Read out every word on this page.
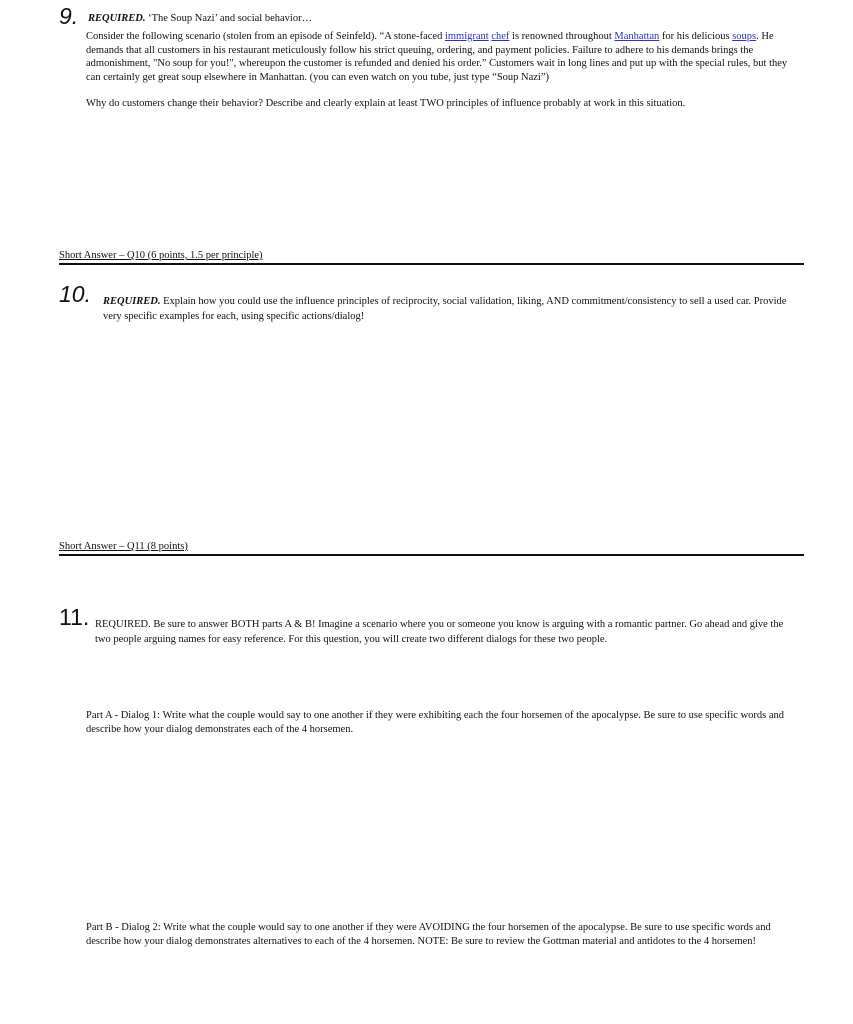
9. REQUIRED. ‘The Soup Nazi’ and social behavior…
Consider the following scenario (stolen from an episode of Seinfeld). “A stone-faced immigrant chef is renowned throughout Manhattan for his delicious soups. He demands that all customers in his restaurant meticulously follow his strict queuing, ordering, and payment policies. Failure to adhere to his demands brings the admonishment, "No soup for you!", whereupon the customer is refunded and denied his order.” Customers wait in long lines and put up with the special rules, but they can certainly get great soup elsewhere in Manhattan. (you can even watch on you tube, just type “Soup Nazi”)
Why do customers change their behavior? Describe and clearly explain at least TWO principles of influence probably at work in this situation.
Short Answer – Q10 (6 points, 1.5 per principle)
10. REQUIRED. Explain how you could use the influence principles of reciprocity, social validation, liking, AND commitment/consistency to sell a used car. Provide very specific examples for each, using specific actions/dialog!
Short Answer – Q11 (8 points)
11. REQUIRED. Be sure to answer BOTH parts A & B! Imagine a scenario where you or someone you know is arguing with a romantic partner. Go ahead and give the two people arguing names for easy reference. For this question, you will create two different dialogs for these two people.
Part A - Dialog 1: Write what the couple would say to one another if they were exhibiting each the four horsemen of the apocalypse. Be sure to use specific words and describe how your dialog demonstrates each of the 4 horsemen.
Part B - Dialog 2: Write what the couple would say to one another if they were AVOIDING the four horsemen of the apocalypse. Be sure to use specific words and describe how your dialog demonstrates alternatives to each of the 4 horsemen. NOTE: Be sure to review the Gottman material and antidotes to the 4 horsemen!
